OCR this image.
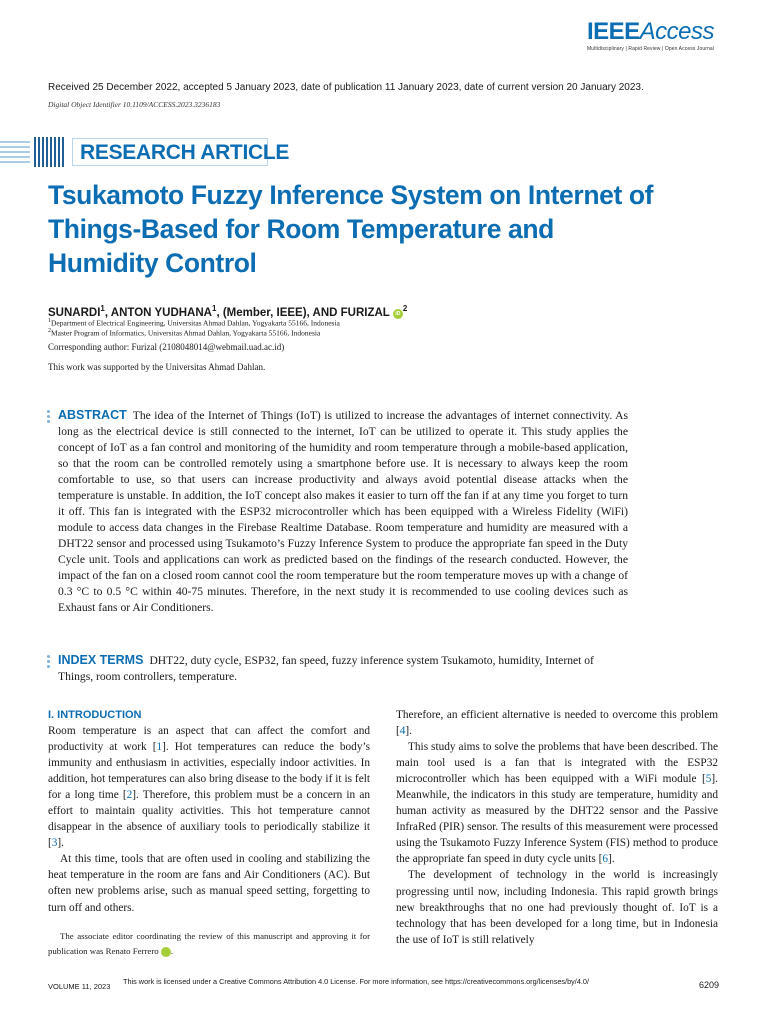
IEEEAccess
Multidisciplinary | Rapid Review | Open Access Journal
Received 25 December 2022, accepted 5 January 2023, date of publication 11 January 2023, date of current version 20 January 2023.
Digital Object Identifier 10.1109/ACCESS.2023.3236183
RESEARCH ARTICLE
Tsukamoto Fuzzy Inference System on Internet of Things-Based for Room Temperature and Humidity Control
SUNARDI$^1$, ANTON YUDHANA$^1$, (Member, IEEE), AND FURIZAL $iD^2$
$^1$Department of Electrical Engineering, Universitas Ahmad Dahlan, Yogyakarta 55166, Indonesia
$^2$Master Program of Informatics, Universitas Ahmad Dahlan, Yogyakarta 55166, Indonesia
Corresponding author: Furizal (2108048014@webmail.uad.ac.id)
This work was supported by the Universitas Ahmad Dahlan.
ABSTRACT The idea of the Internet of Things (IoT) is utilized to increase the advantages of internet connectivity. As long as the electrical device is still connected to the internet, IoT can be utilized to operate it. This study applies the concept of IoT as a fan control and monitoring of the humidity and room temperature through a mobile-based application, so that the room can be controlled remotely using a smartphone before use. It is necessary to always keep the room comfortable to use, so that users can increase productivity and always avoid potential disease attacks when the temperature is unstable. In addition, the IoT concept also makes it easier to turn off the fan if at any time you forget to turn it off. This fan is integrated with the ESP32 microcontroller which has been equipped with a Wireless Fidelity (WiFi) module to access data changes in the Firebase Realtime Database. Room temperature and humidity are measured with a DHT22 sensor and processed using Tsukamoto’s Fuzzy Inference System to produce the appropriate fan speed in the Duty Cycle unit. Tools and applications can work as predicted based on the findings of the research conducted. However, the impact of the fan on a closed room cannot cool the room temperature but the room temperature moves up with a change of 0.3 °C to 0.5 °C within 40-75 minutes. Therefore, in the next study it is recommended to use cooling devices such as Exhaust fans or Air Conditioners.
INDEX TERMS DHT22, duty cycle, ESP32, fan speed, fuzzy inference system Tsukamoto, humidity, Internet of Things, room controllers, temperature.
I. INTRODUCTION

Room temperature is an aspect that can affect the comfort and productivity at work [1]. Hot temperatures can reduce the body’s immunity and enthusiasm in activities, especially indoor activities. In addition, hot temperatures can also bring disease to the body if it is felt for a long time [2]. Therefore, this problem must be a concern in an effort to maintain quality activities. This hot temperature cannot disappear in the absence of auxiliary tools to periodically stabilize it [3].

At this time, tools that are often used in cooling and stabilizing the heat temperature in the room are fans and Air Conditioners (AC). But often new problems arise, such as manual speed setting, forgetting to turn off and others.

The associate editor coordinating the review of this manuscript and approving it for publication was Renato Ferrero	iD.

Therefore, an efficient alternative is needed to overcome this problem [4].

This study aims to solve the problems that have been described. The main tool used is a fan that is integrated with the ESP32 microcontroller which has been equipped with a WiFi module [5]. Meanwhile, the indicators in this study are temperature, humidity and human activity as measured by the DHT22 sensor and the Passive InfraRed (PIR) sensor. The results of this measurement were processed using the Tsukamoto Fuzzy Inference System (FIS) method to produce the appropriate fan speed in duty cycle units [6].

The development of technology in the world is increasingly progressing until now, including Indonesia. This rapid growth brings new breakthroughs that no one had previously thought of. IoT is a technology that has been developed for a long time, but in Indonesia the use of IoT is still relatively

VOLUME 11, 2023
This work is licensed under a Creative Commons Attribution 4.0 License. For more information, see https://creativecommons.org/licenses/by/4.0/	6209
